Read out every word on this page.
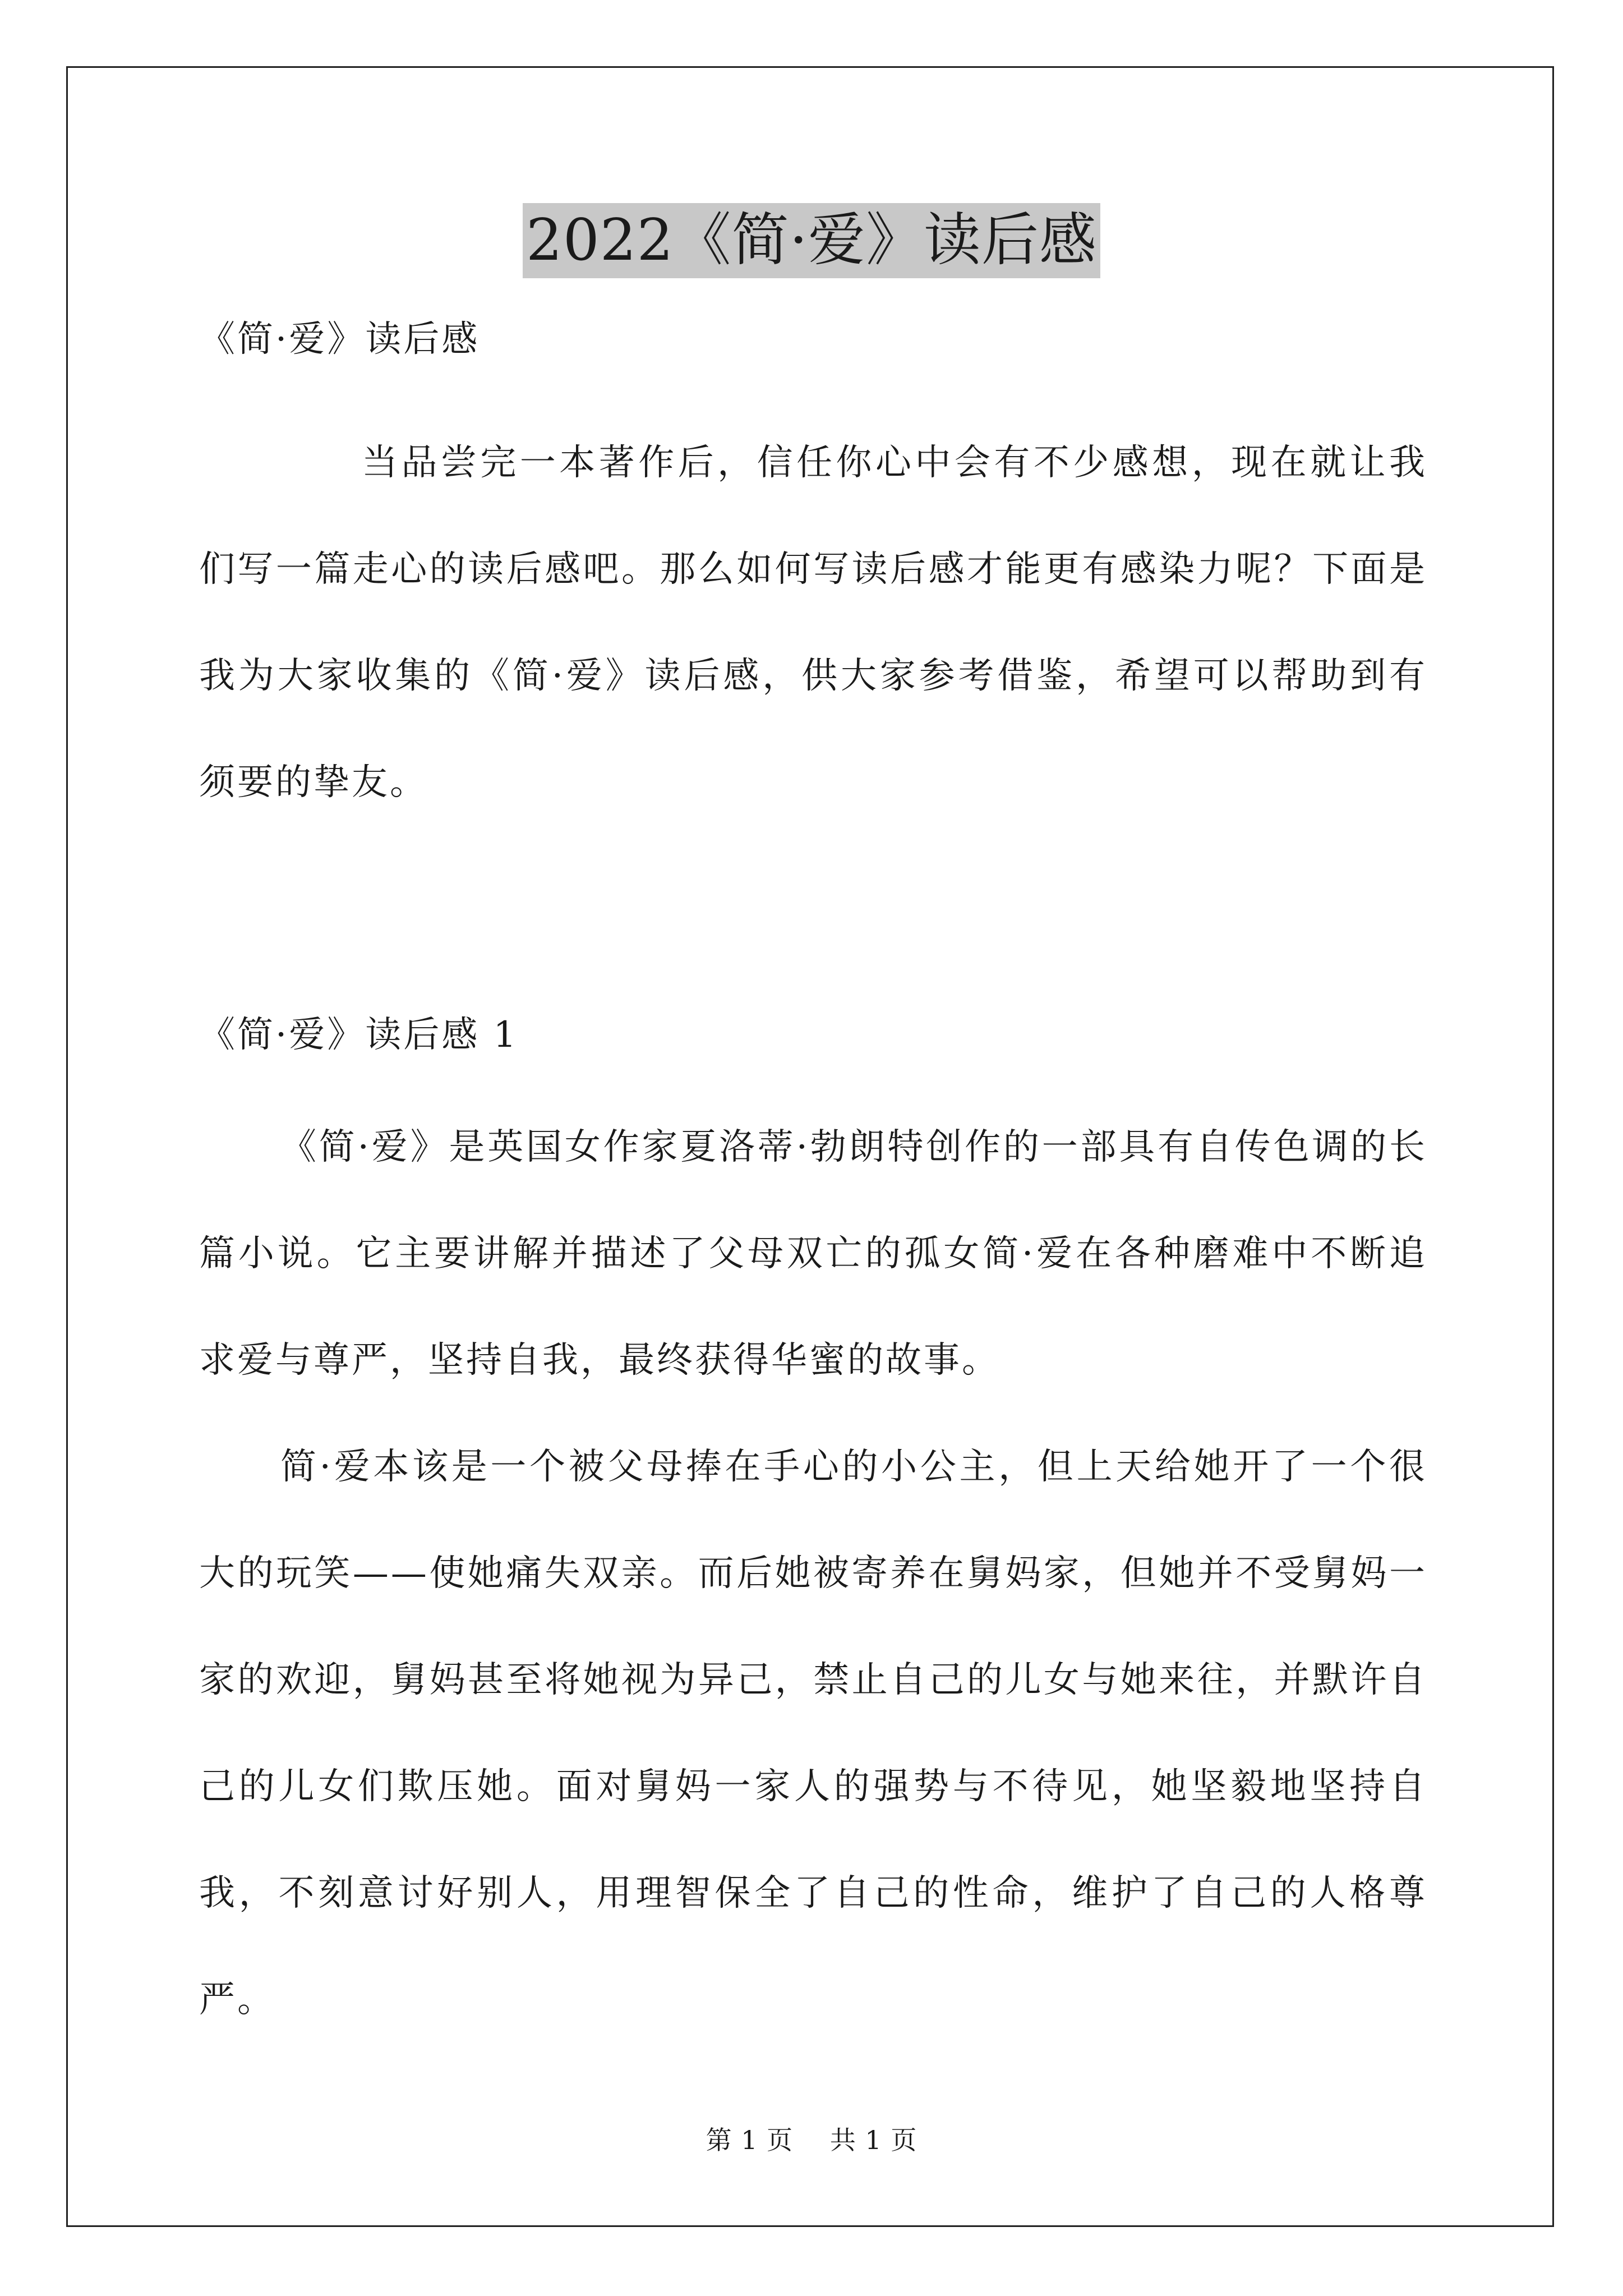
2022《简·爱》读后感

《简·爱》读后感

当品尝完一本著作后，信任你心中会有不少感想，现在就让我们写一篇走心的读后感吧。那么如何写读后感才能更有感染力呢？下面是我为大家收集的《简·爱》读后感，供大家参考借鉴，希望可以帮助到有须要的挚友。

《简·爱》读后感 1

《简·爱》是英国女作家夏洛蒂·勃朗特创作的一部具有自传色调的长篇小说。它主要讲解并描述了父母双亡的孤女简·爱在各种磨难中不断追求爱与尊严，坚持自我，最终获得华蜜的故事。

简·爱本该是一个被父母捧在手心的小公主，但上天给她开了一个很大的玩笑——使她痛失双亲。而后她被寄养在舅妈家，但她并不受舅妈一家的欢迎，舅妈甚至将她视为异己，禁止自己的儿女与她来往，并默许自己的儿女们欺压她。面对舅妈一家人的强势与不待见，她坚毅地坚持自我，不刻意讨好别人，用理智保全了自己的性命，维护了自己的人格尊严。

第 1 页 共 1 页
